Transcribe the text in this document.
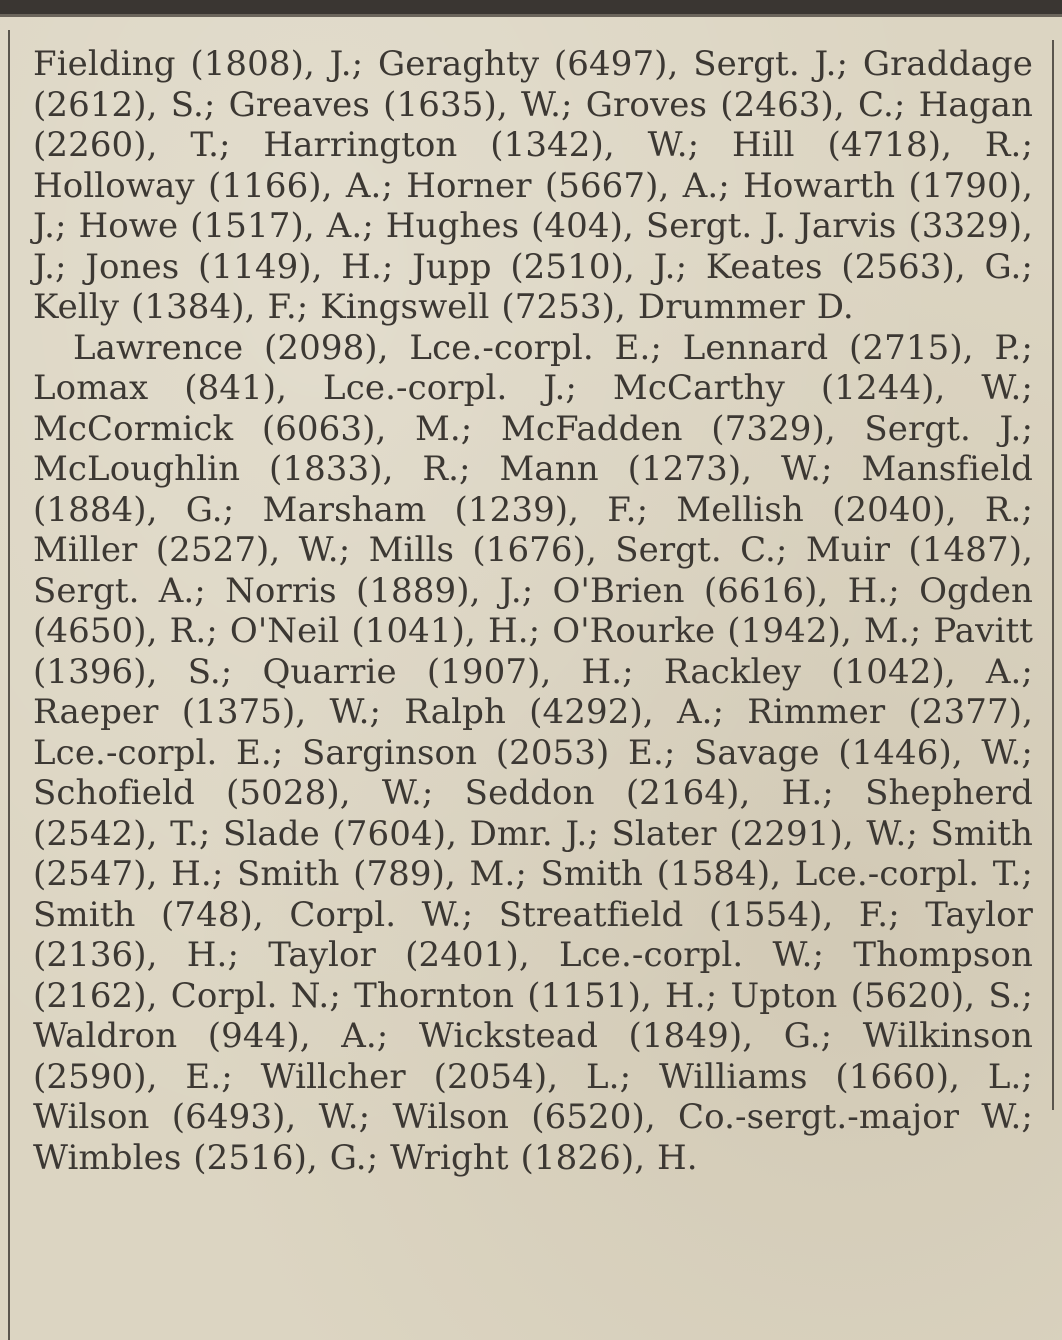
Fielding (1808), J.; Geraghty (6497), Sergt. J.; Graddage (2612), S.; Greaves (1635), W.; Groves (2463), C.; Hagan (2260), T.; Harrington (1342), W.; Hill (4718), R.; Holloway (1166), A.; Horner (5667), A.; Howarth (1790), J.; Howe (1517), A.; Hughes (404), Sergt. J. Jarvis (3329), J.; Jones (1149), H.; Jupp (2510), J.; Keates (2563), G.; Kelly (1384), F.; Kingswell (7253), Drummer D.

Lawrence (2098), Lce.-corpl. E.; Lennard (2715), P.; Lomax (841), Lce.-corpl. J.; McCarthy (1244), W.; McCormick (6063), M.; McFadden (7329), Sergt. J.; McLoughlin (1833), R.; Mann (1273), W.; Mansfield (1884), G.; Marsham (1239), F.; Mellish (2040), R.; Miller (2527), W.; Mills (1676), Sergt. C.; Muir (1487), Sergt. A.; Norris (1889), J.; O'Brien (6616), H.; Ogden (4650), R.; O'Neil (1041), H.; O'Rourke (1942), M.; Pavitt (1396), S.; Quarrie (1907), H.; Rackley (1042), A.; Raeper (1375), W.; Ralph (4292), A.; Rimmer (2377), Lce.-corpl. E.; Sarginson (2053) E.; Savage (1446), W.; Schofield (5028), W.; Seddon (2164), H.; Shepherd (2542), T.; Slade (7604), Dmr. J.; Slater (2291), W.; Smith (2547), H.; Smith (789), M.; Smith (1584), Lce.-corpl. T.; Smith (748), Corpl. W.; Streatfield (1554), F.; Taylor (2136), H.; Taylor (2401), Lce.-corpl. W.; Thompson (2162), Corpl. N.; Thornton (1151), H.; Upton (5620), S.; Waldron (944), A.; Wickstead (1849), G.; Wilkinson (2590), E.; Willcher (2054), L.; Williams (1660), L.; Wilson (6493), W.; Wilson (6520), Co.-sergt.-major W.; Wimbles (2516), G.; Wright (1826), H.
